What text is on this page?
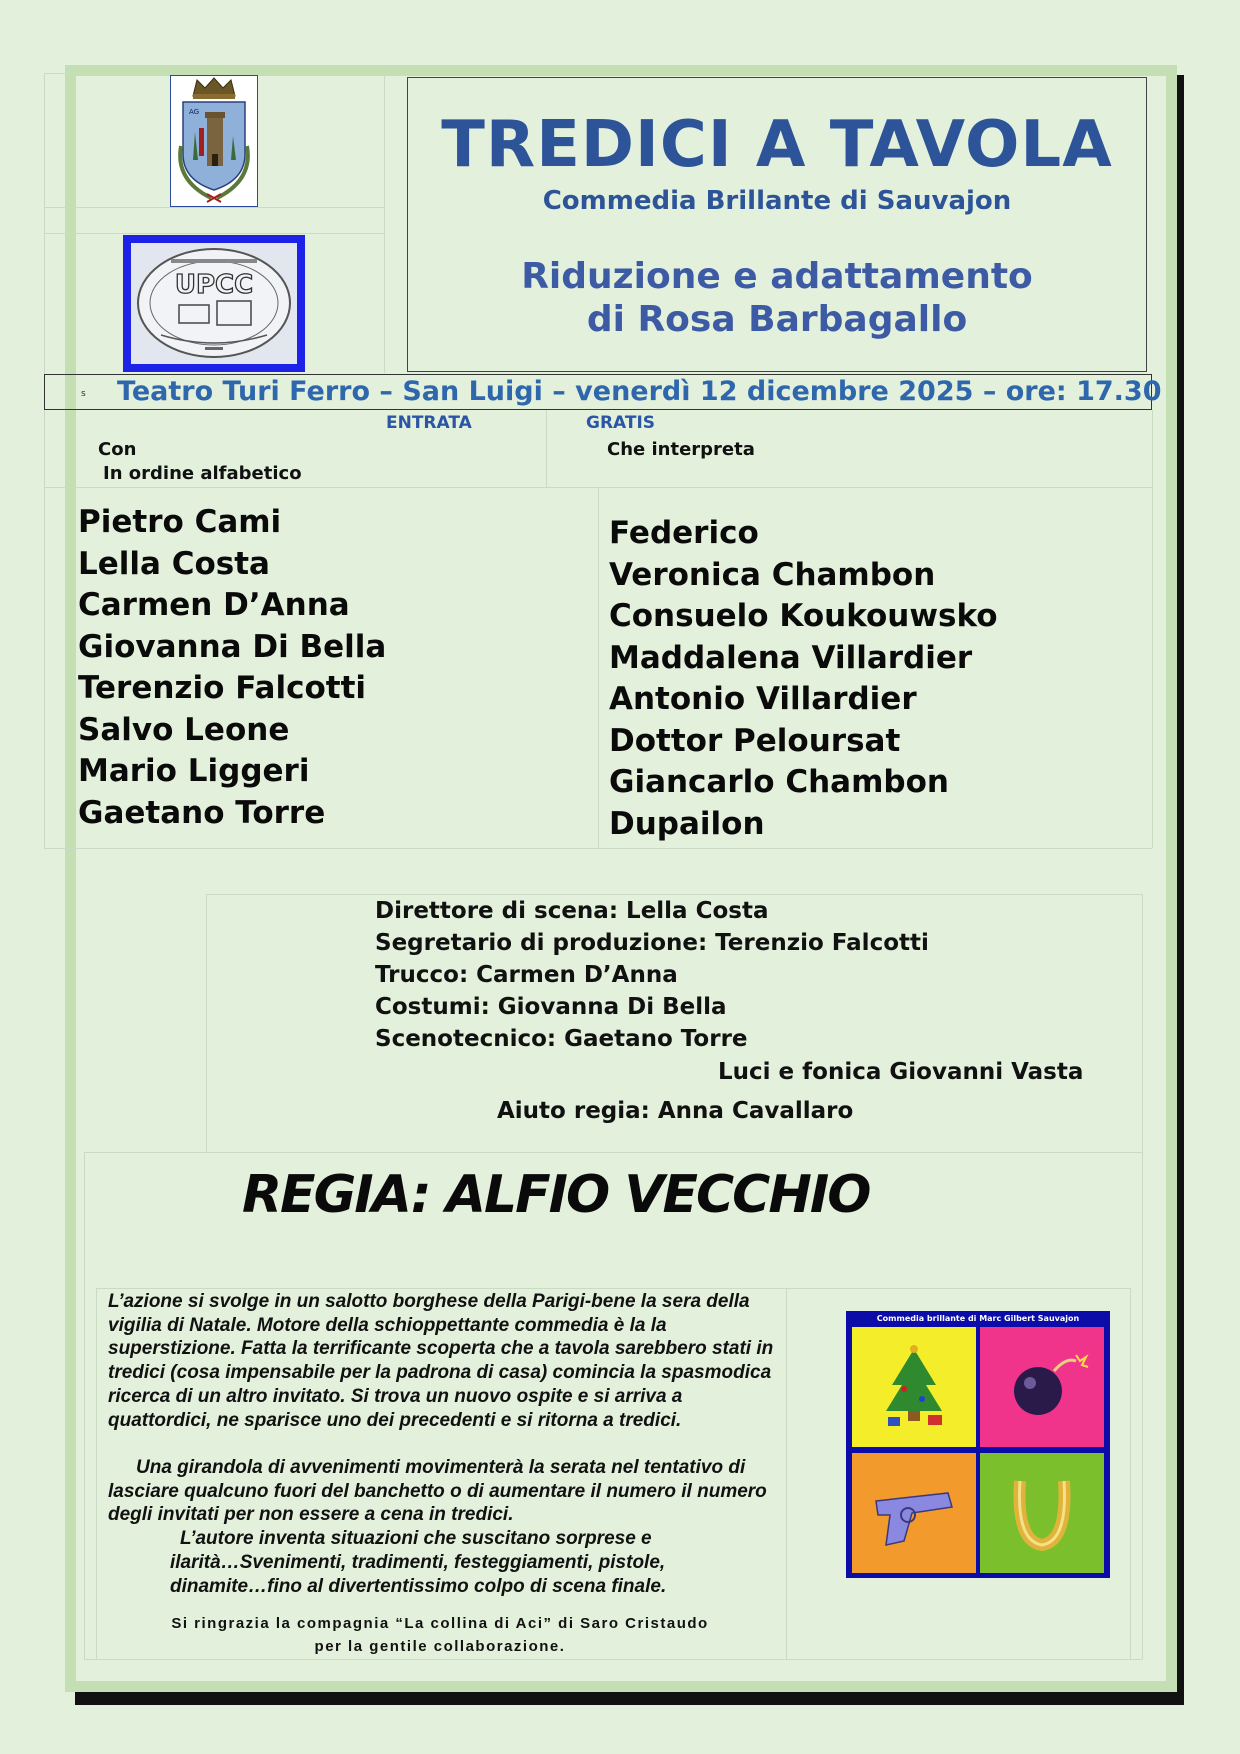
AG
UPCC
TREDICI A TAVOLA
Commedia Brillante di Sauvajon
Riduzione e adattamento
di Rosa Barbagallo
s Teatro Turi Ferro – San Luigi – venerdì 12 dicembre 2025 – ore: 17.30
ENTRATA	GRATIS
Con
In ordine alfabetico
Che interpreta
Pietro Cami
Lella Costa
Carmen D’Anna
Giovanna Di Bella
Terenzio Falcotti
Salvo Leone
Mario Liggeri
Gaetano Torre
Federico
Veronica Chambon
Consuelo Koukouwsko
Maddalena Villardier
Antonio Villardier
Dottor Peloursat
Giancarlo Chambon
Dupailon
Direttore di scena: Lella Costa
Segretario di produzione: Terenzio Falcotti
Trucco: Carmen D’Anna
Costumi: Giovanna Di Bella
Scenotecnico: Gaetano Torre
Luci e fonica Giovanni Vasta
Aiuto regia: Anna Cavallaro
REGIA: ALFIO VECCHIO
L’azione si svolge in un salotto borghese della Parigi-bene la sera della vigilia di Natale. Motore della schioppettante commedia è la la superstizione. Fatta la terrificante scoperta che a tavola sarebbero stati in tredici (cosa impensabile per la padrona di casa) comincia la spasmodica ricerca di un altro invitato. Si trova un nuovo ospite e si arriva a quattordici, ne sparisce uno dei precedenti e si ritorna a tredici.
Una girandola di avvenimenti movimenterà la serata nel tentativo di lasciare qualcuno fuori del banchetto o di aumentare il numero il numero degli invitati per non essere a cena in tredici.
L’autore inventa situazioni che suscitano sorprese e
ilarità…Svenimenti, tradimenti, festeggiamenti, pistole,
dinamite…fino al divertentissimo colpo di scena finale.
Si ringrazia la compagnia “La collina di Aci” di Saro Cristaudo
per la gentile collaborazione.
Commedia brillante di Marc Gilbert Sauvajon
